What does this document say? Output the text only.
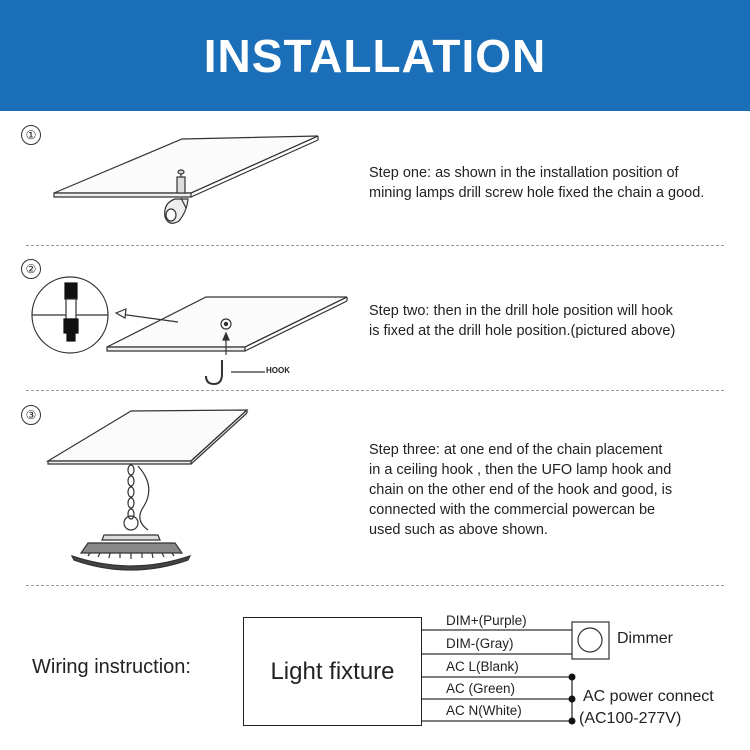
INSTALLATION
①
②
③
HOOK
Step one: as shown in the installation position of
mining lamps drill screw hole fixed the chain a good.
Step two: then in the drill hole position will hook
is fixed at the drill hole position.(pictured above)
Step three: at one end of the chain placement
in a ceiling hook , then the UFO lamp hook and
chain on the other end of the hook and good, is
connected with the commercial powercan be
used such as above shown.
Wiring instruction:	Light fixture
DIM+(Purple)
DIM-(Gray)
AC L(Blank)
AC (Green)
AC N(White)
Dimmer
AC power connect
(AC100-277V)
